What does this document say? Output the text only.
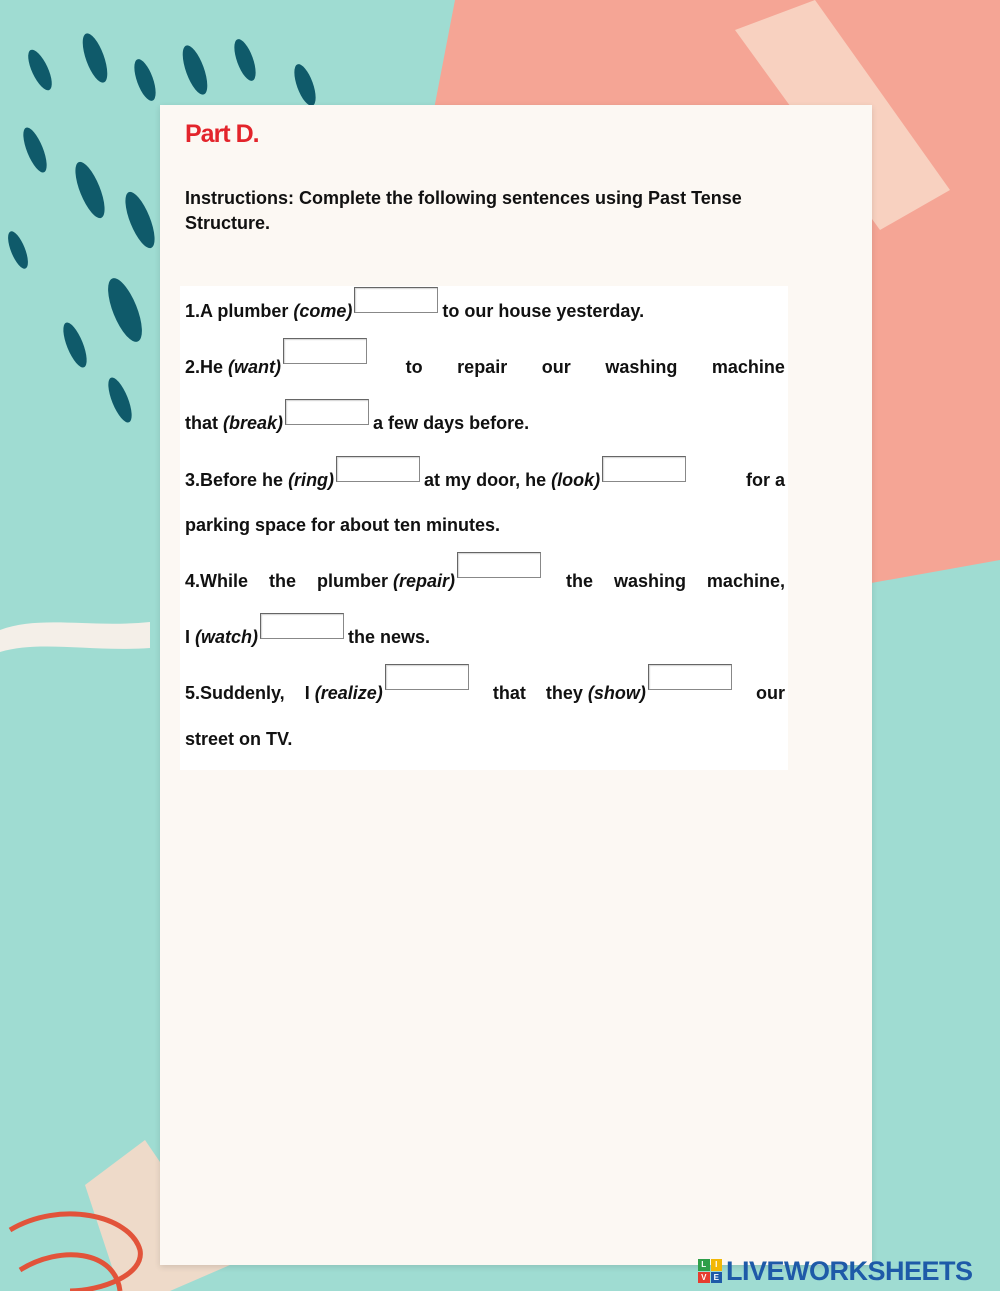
Part D.

Instructions: Complete the following sentences using Past Tense Structure.

1.A plumber
(come)	to our house yesterday.
2.He (want)	to repair our washing machine
that
(break)	a few days before.
3.Before he
(ring)	at my door, he
(look)	for a
parking space for about ten minutes.
4.While the plumber (repair)	the washing machine,
I
(watch)	the news.
5.Suddenly, I (realize)	that they (show)	our
street on TV.
L	I
V E LIVEWORKSHEETS
